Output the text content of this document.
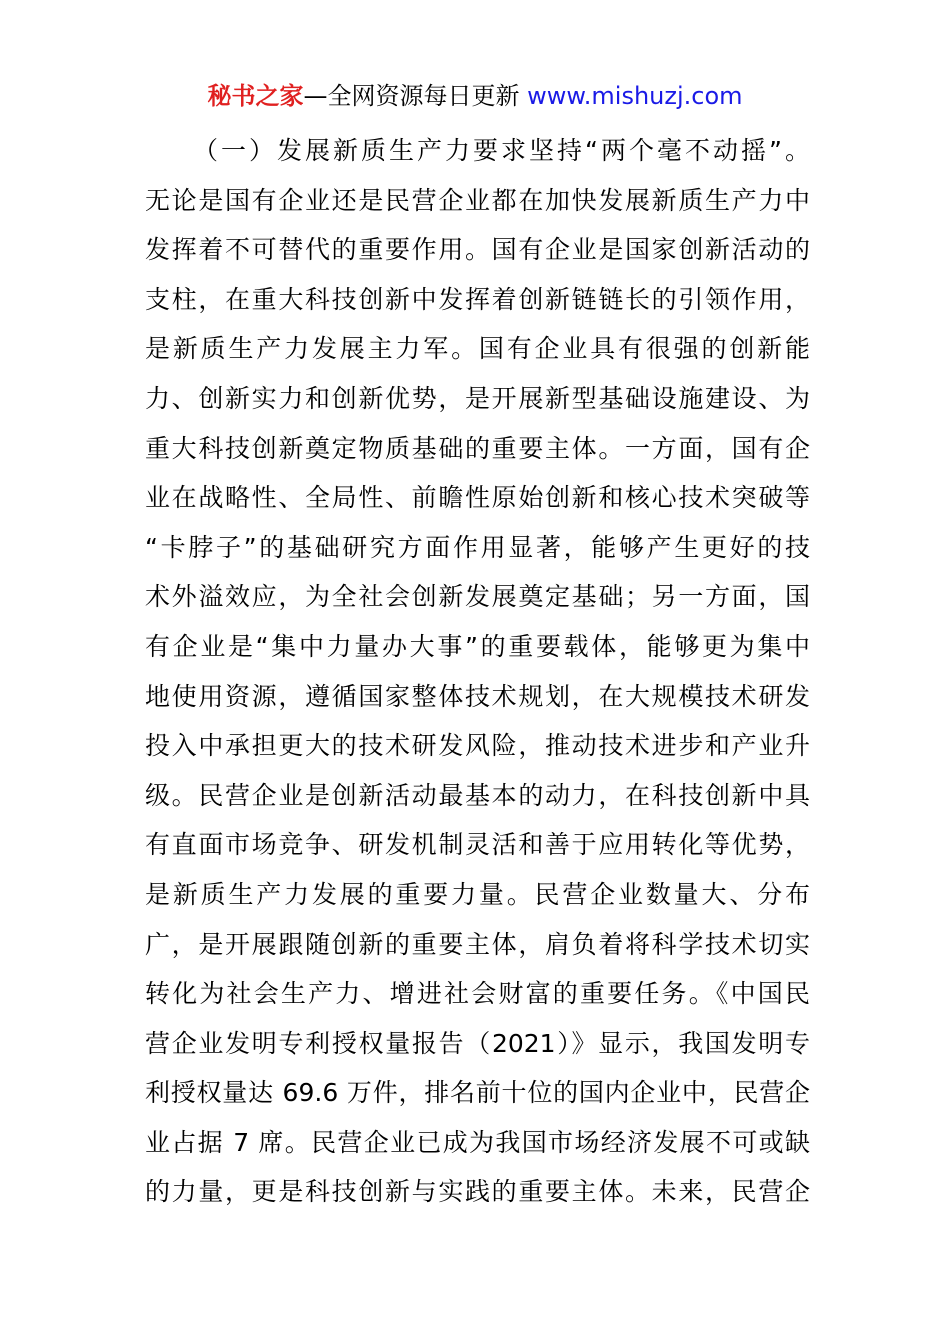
秘书之家—全网资源每日更新 www.mishuzj.com
（一）发展新质生产力要求坚持“两个毫不动摇”。
无论是国有企业还是民营企业都在加快发展新质生产力中
发挥着不可替代的重要作用。国有企业是国家创新活动的
支柱，在重大科技创新中发挥着创新链链长的引领作用，
是新质生产力发展主力军。国有企业具有很强的创新能
力、创新实力和创新优势，是开展新型基础设施建设、为
重大科技创新奠定物质基础的重要主体。一方面，国有企
业在战略性、全局性、前瞻性原始创新和核心技术突破等
“卡脖子”的基础研究方面作用显著，能够产生更好的技
术外溢效应，为全社会创新发展奠定基础；另一方面，国
有企业是“集中力量办大事”的重要载体，能够更为集中
地使用资源，遵循国家整体技术规划，在大规模技术研发
投入中承担更大的技术研发风险，推动技术进步和产业升
级。民营企业是创新活动最基本的动力，在科技创新中具
有直面市场竞争、研发机制灵活和善于应用转化等优势，
是新质生产力发展的重要力量。民营企业数量大、分布
广，是开展跟随创新的重要主体，肩负着将科学技术切实
转化为社会生产力、增进社会财富的重要任务。《中国民
营企业发明专利授权量报告（2021）》显示，我国发明专
利授权量达 69.6 万件，排名前十位的国内企业中，民营企
业占据 7 席。民营企业已成为我国市场经济发展不可或缺
的力量，更是科技创新与实践的重要主体。未来，民营企
